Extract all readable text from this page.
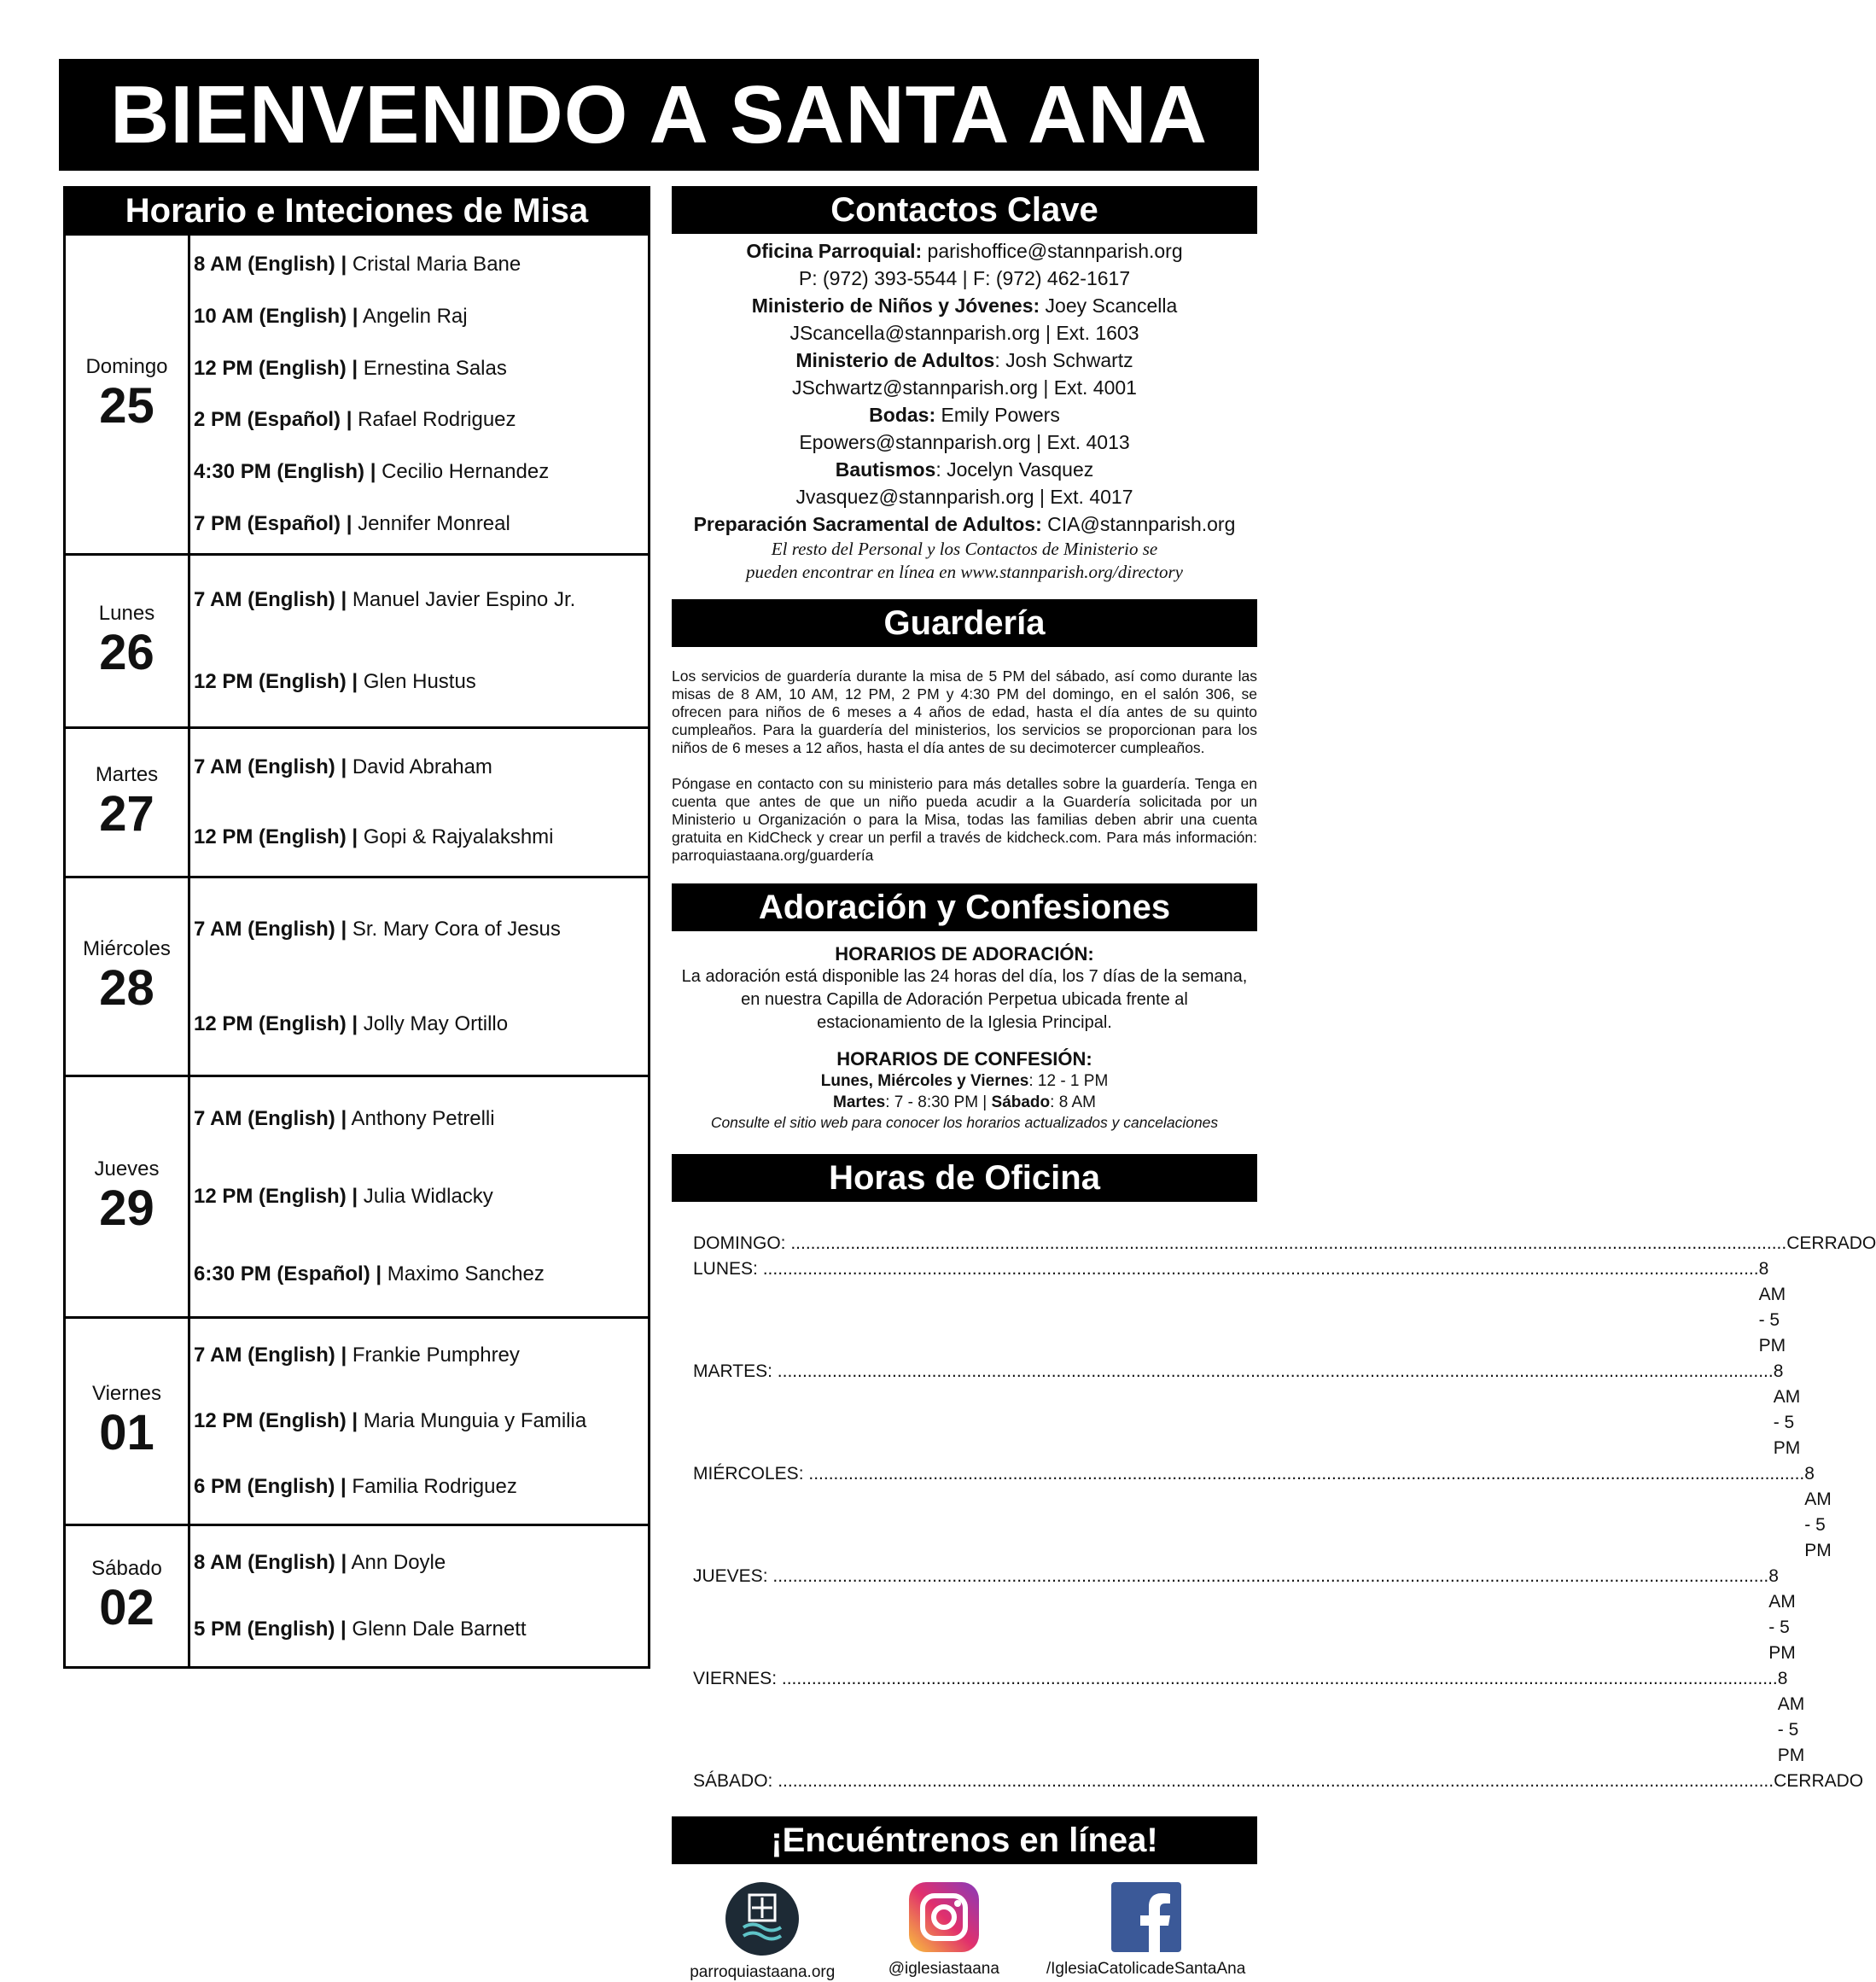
BIENVENIDO A SANTA ANA
Horario e Inteciones de Misa
Domingo
25
8 AM (English) | Cristal Maria Bane
10 AM (English) | Angelin Raj
12 PM (English) | Ernestina Salas
2 PM (Español) | Rafael Rodriguez
4:30 PM (English) | Cecilio Hernandez
7 PM (Español) | Jennifer Monreal
Lunes
26
7 AM (English) | Manuel Javier Espino Jr.
12 PM (English) | Glen Hustus
Martes
27
7 AM (English) | David Abraham
12 PM (English) | Gopi & Rajyalakshmi
Miércoles
28
7 AM (English) | Sr. Mary Cora of Jesus
12 PM (English) | Jolly May Ortillo
Jueves
29
7 AM (English) | Anthony Petrelli
12 PM (English) | Julia Widlacky
6:30 PM (Español) | Maximo Sanchez
Viernes
01
7 AM (English) | Frankie Pumphrey
12 PM (English) | Maria Munguia y Familia
6 PM (English) | Familia Rodriguez
Sábado
02
8 AM (English) | Ann Doyle
5 PM (English) | Glenn Dale Barnett
Contactos Clave
Oficina Parroquial: parishoffice@stannparish.org
P: (972) 393-5544 | F: (972) 462-1617
Ministerio de Niños y Jóvenes: Joey Scancella
JScancella@stannparish.org | Ext. 1603
Ministerio de Adultos: Josh Schwartz
JSchwartz@stannparish.org | Ext. 4001
Bodas: Emily Powers
Epowers@stannparish.org | Ext. 4013
Bautismos: Jocelyn Vasquez
Jvasquez@stannparish.org | Ext. 4017
Preparación Sacramental de Adultos: CIA@stannparish.org
El resto del Personal y los Contactos de Ministerio se
pueden encontrar en línea en www.stannparish.org/directory
Guardería

Los servicios de guardería durante la misa de 5 PM del sábado, así como durante las misas de 8 AM, 10 AM, 12 PM, 2 PM y 4:30 PM del domingo, en el salón 306, se ofrecen para niños de 6 meses a 4 años de edad, hasta el día antes de su quinto cumpleaños. Para la guardería del ministerios, los servicios se proporcionan para los niños de 6 meses a 12 años, hasta el día antes de su decimotercer cumpleaños.

Póngase en contacto con su ministerio para más detalles sobre la guardería. Tenga en cuenta que antes de que un niño pueda acudir a la Guardería solicitada por un Ministerio u Organización o para la Misa, todas las familias deben abrir una cuenta gratuita en KidCheck y crear un perfil a través de kidcheck.com. Para más información: parroquiastaana.org/guardería

Adoración y Confesiones
HORARIOS DE ADORACIÓN:
La adoración está disponible las 24 horas del día, los 7 días de la semana, en nuestra Capilla de Adoración Perpetua ubicada frente al estacionamiento de la Iglesia Principal.
HORARIOS DE CONFESIÓN:
Lunes, Miércoles y Viernes: 12 - 1 PM
Martes: 7 - 8:30 PM | Sábado: 8 AM
Consulte el sitio web para conocer los horarios actualizados y cancelaciones
Horas de Oficina
DOMINGO: ........................................................................................................................................................................................................ CERRADO
LUNES: ........................................................................................................................................................................................................ 8 AM - 5 PM
MARTES: ........................................................................................................................................................................................................ 8 AM - 5 PM
MIÉRCOLES: ........................................................................................................................................................................................................ 8 AM - 5 PM
JUEVES: ........................................................................................................................................................................................................ 8 AM - 5 PM
VIERNES: ........................................................................................................................................................................................................ 8 AM - 5 PM
SÁBADO: ........................................................................................................................................................................................................ CERRADO
¡Encuéntrenos en línea!
parroquiastaana.org	@iglesiastaana	/IglesiaCatolicadeSantaAna
